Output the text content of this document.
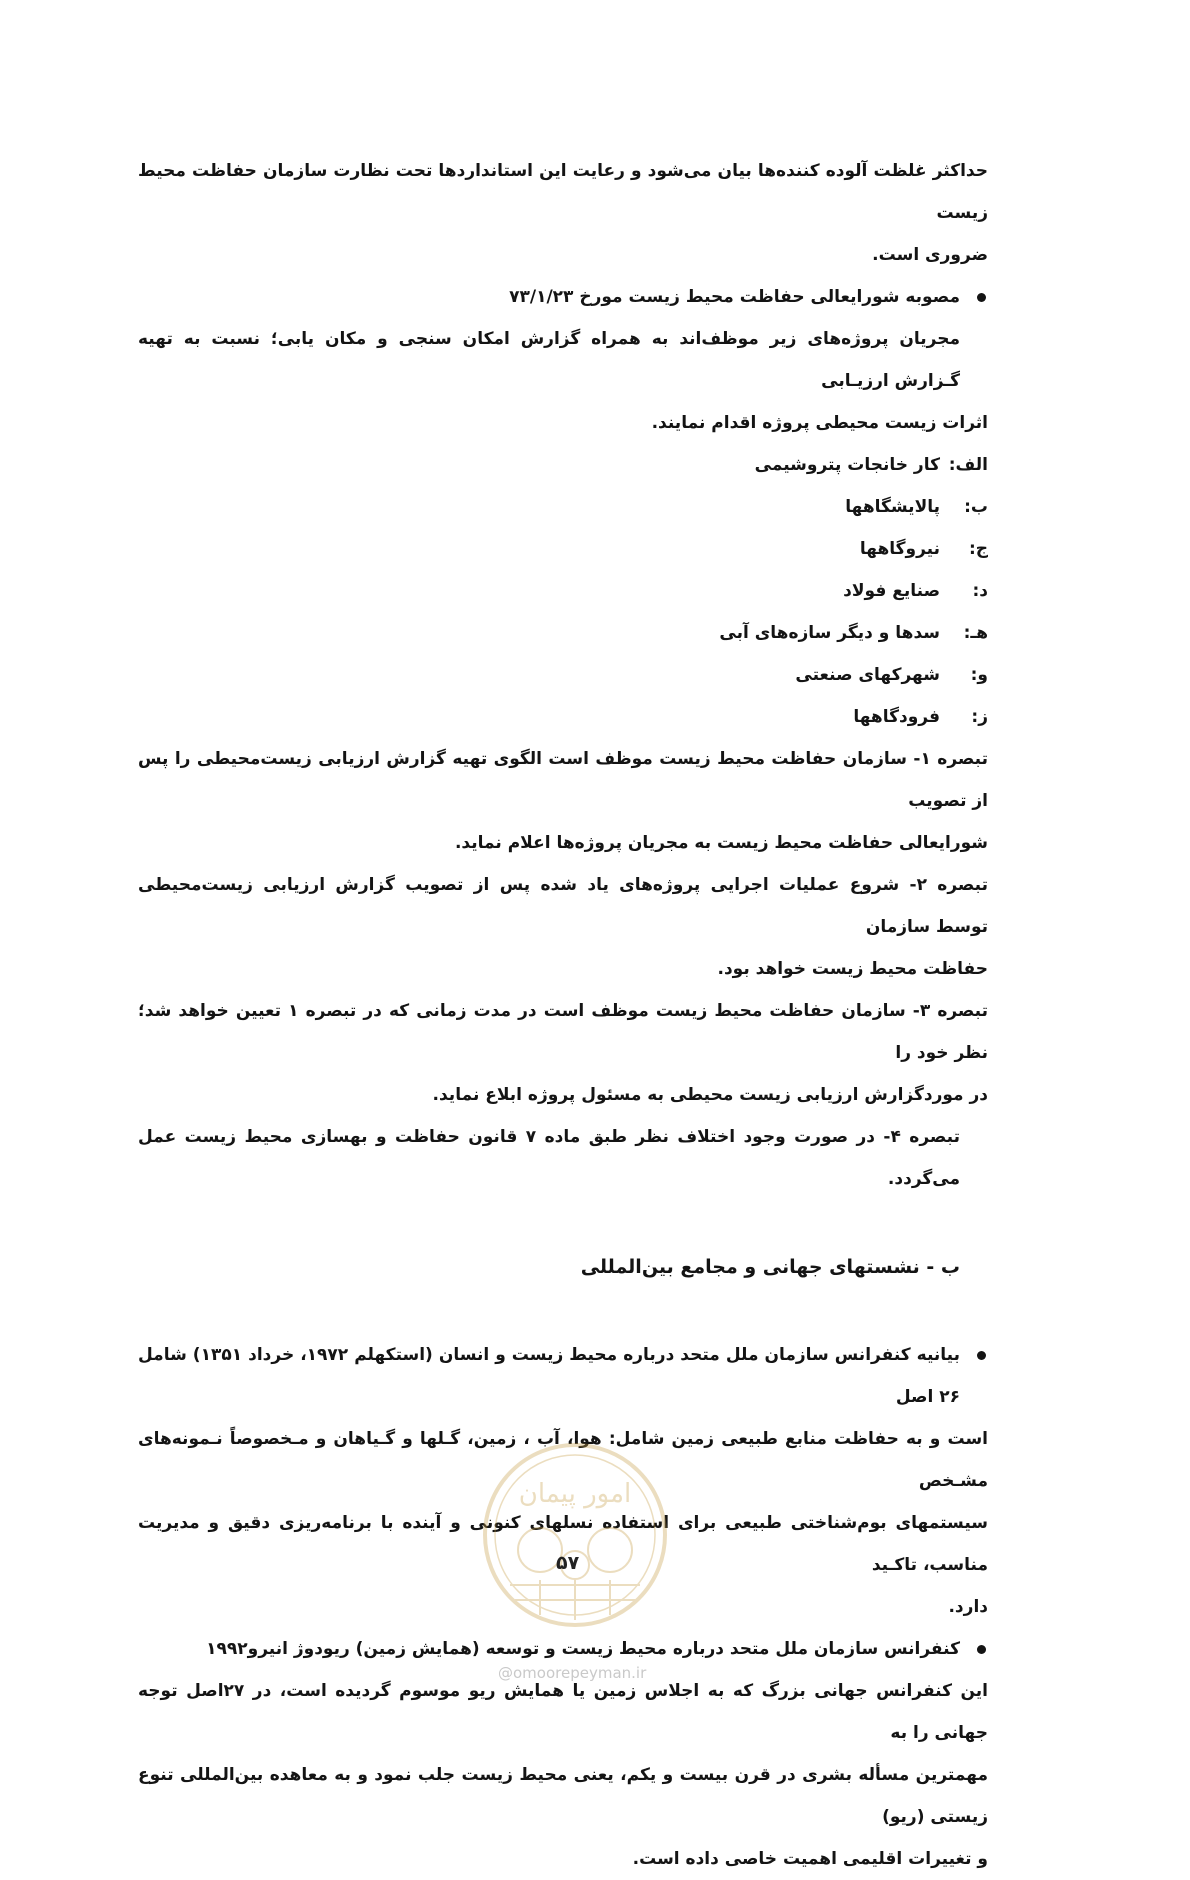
حداکثر غلظت آلوده کننده‌ها بیان می‌شود و رعایت این استانداردها تحت نظارت سازمان حفاظت محیط زیست
ضروری است.

مصوبه شورایعالی حفاظت محیط زیست مورخ ۷۳/۱/۲۳

مجریان پروژه‌های زیر موظف‌اند به همراه گزارش امکان سنجی و مکان یابی؛ نسبت به تهیه گـزارش ارزیـابی

اثرات زیست محیطی پروژه اقدام نمایند.

الف:
کار خانجات پتروشیمی
ب:
پالایشگاهها
ج:
نیروگاهها
د:
صنایع فولاد
هـ:
سدها و دیگر سازه‌های آبی
و:
شهرکهای صنعتی
ز:
فرودگاهها

تبصره ۱- سازمان حفاظت محیط زیست موظف است الگوی تهیه گزارش ارزیابی زیست‌محیطی را پس از تصویب
شورایعالی حفاظت محیط زیست به مجریان پروژه‌ها اعلام نماید.

تبصره ۲- شروع عملیات اجرایی پروژه‌های یاد شده پس از تصویب گزارش ارزیابی زیست‌محیطی توسط سازمان
حفاظت محیط زیست خواهد بود.

تبصره ۳- سازمان حفاظت محیط زیست موظف است در مدت زمانی که در تبصره ۱ تعیین خواهد شد؛ نظر خود را
در موردگزارش ارزیابی زیست محیطی به مسئول پروژه ابلاع نماید.

تبصره ۴- در صورت وجود اختلاف نظر طبق ماده ۷ قانون حفاظت و بهسازی محیط زیست عمل می‌گردد.

ب - نشستهای جهانی و مجامع بین‌المللی

بیانیه کنفرانس سازمان ملل متحد درباره محیط زیست و انسان (استکهلم ۱۹۷۲، خرداد ۱۳۵۱) شامل ۲۶ اصل

است و به حفاظت منابع طبیعی زمین شامل: هوا، آب ، زمین، گـلها و گـیاهان و مـخصوصاً نـمونه‌های مشـخص
سیستمهای بوم‌شناختی طبیعی برای استفاده نسلهای کنونی و آینده با برنامه‌ریزی دقیق و مدیریت مناسب، تاکـید
دارد.

کنفرانس سازمان ملل متحد درباره محیط زیست و توسعه (همایش زمین) ریودوژ انیرو۱۹۹۲

این کنفرانس جهانی بزرگ که به اجلاس زمین یا همایش ریو موسوم گردیده است، در ۲۷اصل توجه جهانی را به
مهمترین مسأله بشری در قرن بیست و یکم، یعنی محیط زیست جلب نمود و به معاهده بین‌المللی تنوع زیستی (ریو)
و تغییرات اقلیمی اهمیت خاصی داده است.

امور پیمان
۵۷
@omoorepeyman.ir
